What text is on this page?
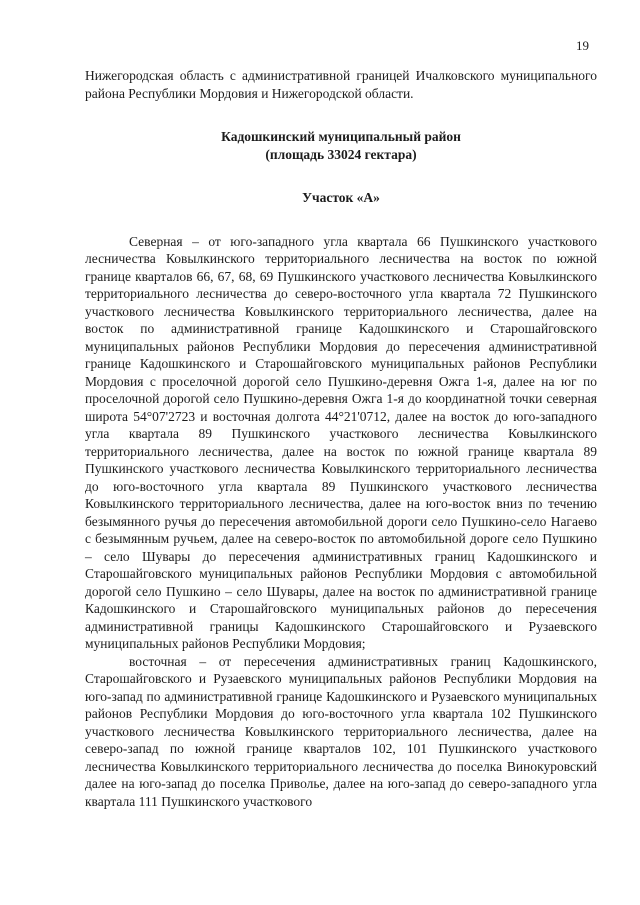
19

Нижегородская область с административной границей Ичалковского муниципального района Республики Мордовия и Нижегородской области.

Кадошкинский муниципальный район

(площадь 33024 гектара)

Участок «А»

Северная – от юго-западного угла квартала 66 Пушкинского участкового лесничества Ковылкинского территориального лесничества на восток по южной границе кварталов 66, 67, 68, 69 Пушкинского участкового лесничества Ковылкинского территориального лесничества до северо-восточного угла квартала 72 Пушкинского участкового лесничества Ковылкинского территориального лесничества, далее на восток по административной границе Кадошкинского и Старошайговского муниципальных районов Республики Мордовия до пересечения административной границе Кадошкинского и Старошайговского муниципальных районов Республики Мордовия с проселочной дорогой село Пушкино-деревня Ожга 1-я, далее на юг по проселочной дорогой село Пушкино-деревня Ожга 1-я до координатной точки северная широта 54°07'2723 и восточная долгота 44°21'0712, далее на восток до юго-западного угла квартала 89 Пушкинского участкового лесничества Ковылкинского территориального лесничества, далее на восток по южной границе квартала 89 Пушкинского участкового лесничества Ковылкинского территориального лесничества до юго-восточного угла квартала 89 Пушкинского участкового лесничества Ковылкинского территориального лесничества, далее на юго-восток вниз по течению безымянного ручья до пересечения автомобильной дороги село Пушкино-село Нагаево с безымянным ручьем, далее на северо-восток по автомобильной дороге село Пушкино – село Шувары до пересечения административных границ Кадошкинского и Старошайговского муниципальных районов Республики Мордовия с автомобильной дорогой село Пушкино – село Шувары, далее на восток по административной границе Кадошкинского и Старошайговского муниципальных районов до пересечения административной границы Кадошкинского Старошайговского и Рузаевского муниципальных районов Республики Мордовия;

восточная – от пересечения административных границ Кадошкинского, Старошайговского и Рузаевского муниципальных районов Республики Мордовия на юго-запад по административной границе Кадошкинского и Рузаевского муниципальных районов Республики Мордовия до юго-восточного угла квартала 102 Пушкинского участкового лесничества Ковылкинского территориального лесничества, далее на северо-запад по южной границе кварталов 102, 101 Пушкинского участкового лесничества Ковылкинского территориального лесничества до поселка Винокуровский далее на юго-запад до поселка Приволье, далее на юго-запад до северо-западного угла квартала 111 Пушкинского участкового
